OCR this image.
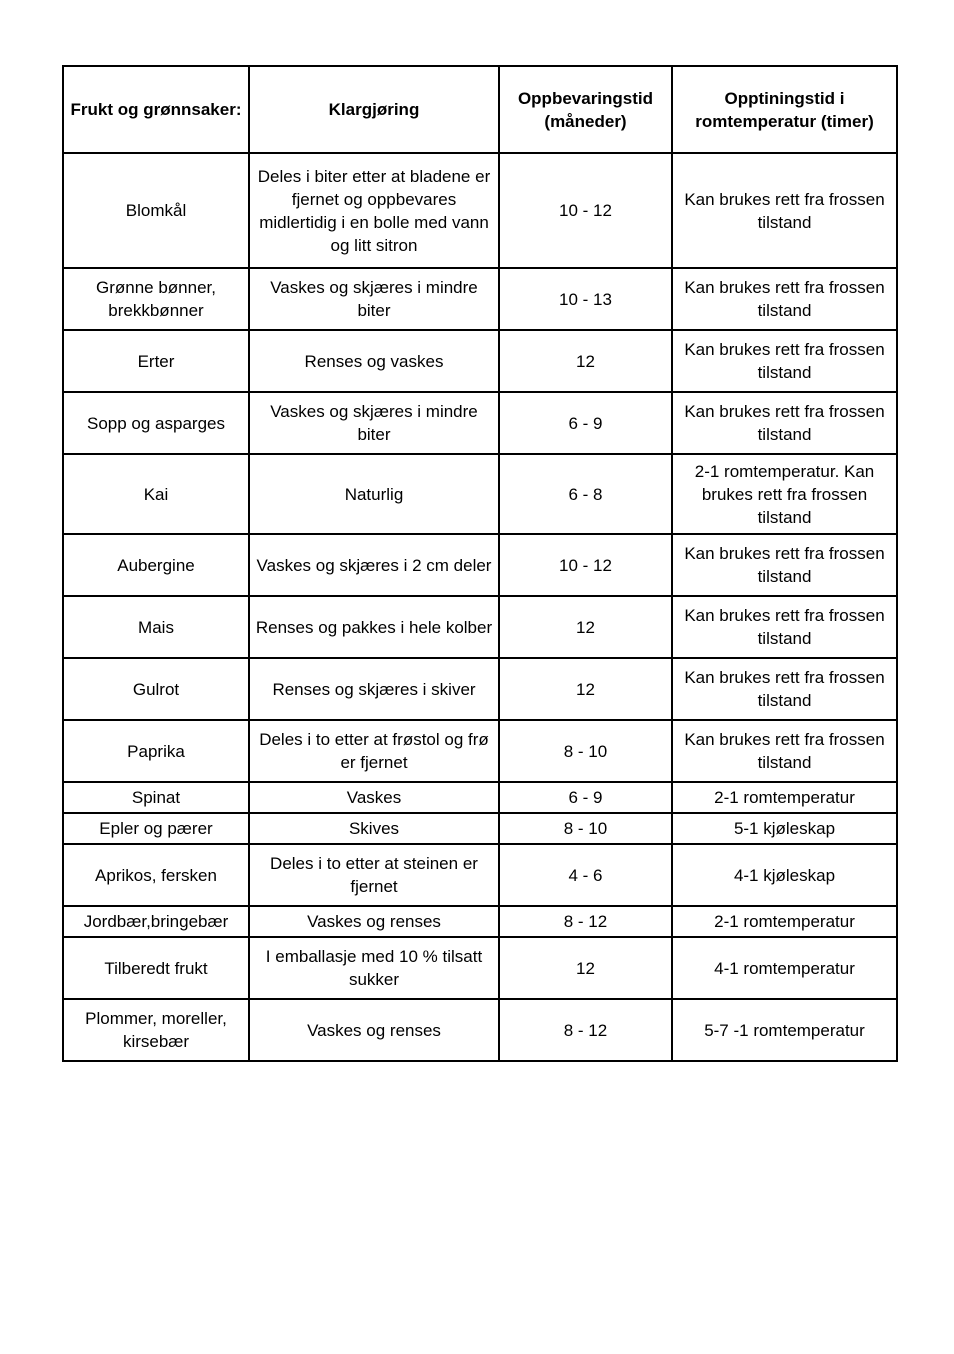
Frukt og grønnsaker:	Klargjøring	Oppbevaringstid (måneder)	Opptiningstid i romtemperatur (timer)
Blomkål	Deles i biter etter at bladene er fjernet og oppbevares midlertidig i en bolle med vann og litt sitron	10 - 12	Kan brukes rett fra frossen tilstand
Grønne bønner, brekkbønner	Vaskes og skjæres i mindre biter	10 - 13	Kan brukes rett fra frossen tilstand
Erter	Renses og vaskes	12	Kan brukes rett fra frossen tilstand
Sopp og asparges	Vaskes og skjæres i mindre biter	6 - 9	Kan brukes rett fra frossen tilstand
Kai	Naturlig	6 - 8	2-1 romtemperatur. Kan brukes rett fra frossen tilstand
Aubergine	Vaskes og skjæres i 2 cm deler	10 - 12	Kan brukes rett fra frossen tilstand
Mais	Renses og pakkes i hele kolber	12	Kan brukes rett fra frossen tilstand
Gulrot	Renses og skjæres i skiver	12	Kan brukes rett fra frossen tilstand
Paprika	Deles i to etter at frøstol og frø er fjernet	8 - 10	Kan brukes rett fra frossen tilstand
Spinat	Vaskes	6 - 9	2-1 romtemperatur
Epler og pærer	Skives	8 - 10	5-1 kjøleskap
Aprikos, fersken	Deles i to etter at steinen er fjernet	4 - 6	4-1 kjøleskap
Jordbær,bringebær	Vaskes og renses	8 - 12	2-1 romtemperatur
Tilberedt frukt	I emballasje med 10 % tilsatt sukker	12	4-1 romtemperatur
Plommer, moreller, kirsebær	Vaskes og renses	8 - 12	5-7 -1 romtemperatur
